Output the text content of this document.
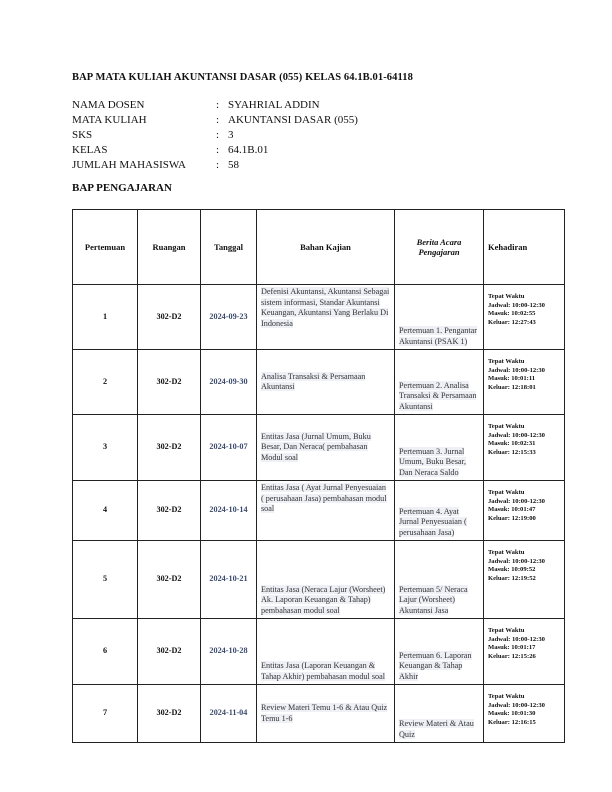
BAP MATA KULIAH AKUNTANSI DASAR (055) KELAS 64.1B.01-64118
NAMA DOSEN	: SYAHRIAL ADDIN
MATA KULIAH	: AKUNTANSI DASAR (055)
SKS	: 3
KELAS	: 64.1B.01
JUMLAH MAHASISWA	: 58
BAP PENGAJARAN
Pertemuan	Ruangan	Tanggal	Bahan Kajian	Berita Acara Pengajaran	Kehadiran
1	302-D2	2024-09-23	Defenisi Akuntansi, Akuntansi Sebagai sistem informasi, Standar Akuntansi Keuangan, Akuntansi Yang Berlaku Di Indonesia	Pertemuan 1. Pengantar Akuntansi (PSAK 1)	Tepat Waktu
Jadwal: 10:00-12:30
Masuk: 10:02:55
Keluar: 12:27:43

2	302-D2	2024-09-30	Analisa Transaksi & Persamaan Akuntansi	Pertemuan 2. Analisa Transaksi & Persamaan Akuntansi	Tepat Waktu
Jadwal: 10:00-12:30
Masuk: 10:01:11
Keluar: 12:18:01

3	302-D2	2024-10-07	Entitas Jasa (Jurnal Umum, Buku Besar, Dan Neraca( pembahasan Modul soal	Pertemuan 3. Jurnal Umum, Buku Besar, Dan Neraca Saldo	Tepat Waktu
Jadwal: 10:00-12:30
Masuk: 10:02:31
Keluar: 12:15:33

4	302-D2	2024-10-14	Entitas Jasa ( Ayat Jurnal Penyesuaian ( perusahaan Jasa) pembahasan modul soal	Pertemuan 4. Ayat Jurnal Penyesuaian ( perusahaan Jasa)	Tepat Waktu
Jadwal: 10:00-12:30
Masuk: 10:01:47
Keluar: 12:19:00

5	302-D2	2024-10-21	Entitas Jasa (Neraca Lajur (Worsheet) Ak. Laporan Keuangan & Tahap) pembahasan modul soal	Pertemuan 5/ Neraca Lajur (Worsheet) Akuntansi Jasa	Tepat Waktu
Jadwal: 10:00-12:30
Masuk: 10:09:52
Keluar: 12:19:52

6	302-D2	2024-10-28	Entitas Jasa (Laporan Keuangan & Tahap Akhir) pembahasan modul soal	Pertemuan 6. Laporan Keuangan & Tahap Akhir	Tepat Waktu
Jadwal: 10:00-12:30
Masuk: 10:01:17
Keluar: 12:15:26

7	302-D2	2024-11-04	Review Materi Temu 1-6 & Atau Quiz Temu 1-6	Review Materi & Atau Quiz	Tepat Waktu
Jadwal: 10:00-12:30
Masuk: 10:01:30
Keluar: 12:16:15
